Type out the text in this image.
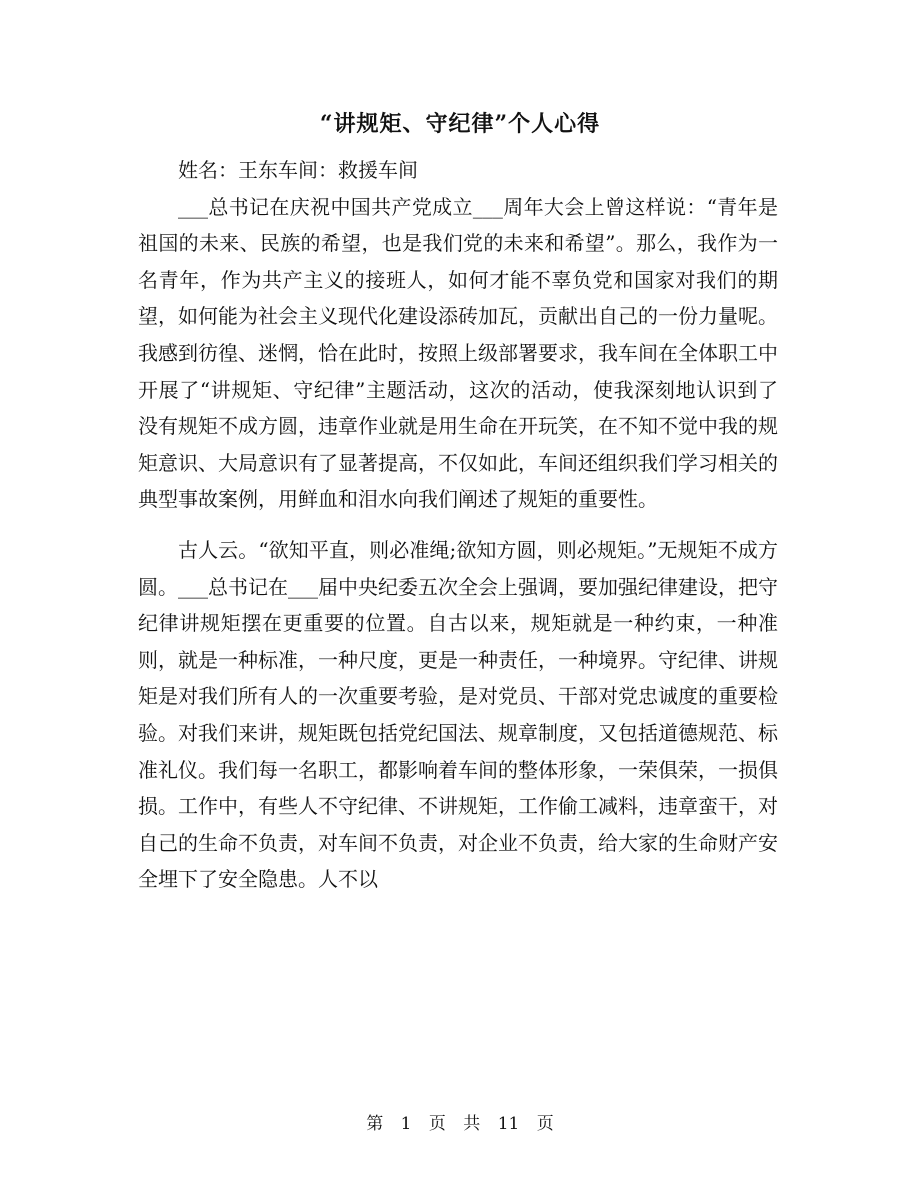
“讲规矩、守纪律”个人心得

姓名：王东车间：救援车间

___总书记在庆祝中国共产党成立___周年大会上曾这样说：“青年是祖国的未来、民族的希望，也是我们党的未来和希望”。那么，我作为一名青年，作为共产主义的接班人，如何才能不辜负党和国家对我们的期望，如何能为社会主义现代化建设添砖加瓦，贡献出自己的一份力量呢。我感到彷徨、迷惘，恰在此时，按照上级部署要求，我车间在全体职工中开展了“讲规矩、守纪律”主题活动，这次的活动，使我深刻地认识到了没有规矩不成方圆，违章作业就是用生命在开玩笑，在不知不觉中我的规矩意识、大局意识有了显著提高，不仅如此，车间还组织我们学习相关的典型事故案例，用鲜血和泪水向我们阐述了规矩的重要性。

古人云。“欲知平直，则必准绳;欲知方圆，则必规矩。”无规矩不成方圆。___总书记在___届中央纪委五次全会上强调，要加强纪律建设，把守纪律讲规矩摆在更重要的位置。自古以来，规矩就是一种约束，一种准则，就是一种标准，一种尺度，更是一种责任，一种境界。守纪律、讲规矩是对我们所有人的一次重要考验，是对党员、干部对党忠诚度的重要检验。对我们来讲，规矩既包括党纪国法、规章制度，又包括道德规范、标准礼仪。我们每一名职工，都影响着车间的整体形象，一荣俱荣，一损俱损。工作中，有些人不守纪律、不讲规矩，工作偷工减料，违章蛮干，对自己的生命不负责，对车间不负责，对企业不负责，给大家的生命财产安全埋下了安全隐患。人不以

第 1 页 共 11 页
